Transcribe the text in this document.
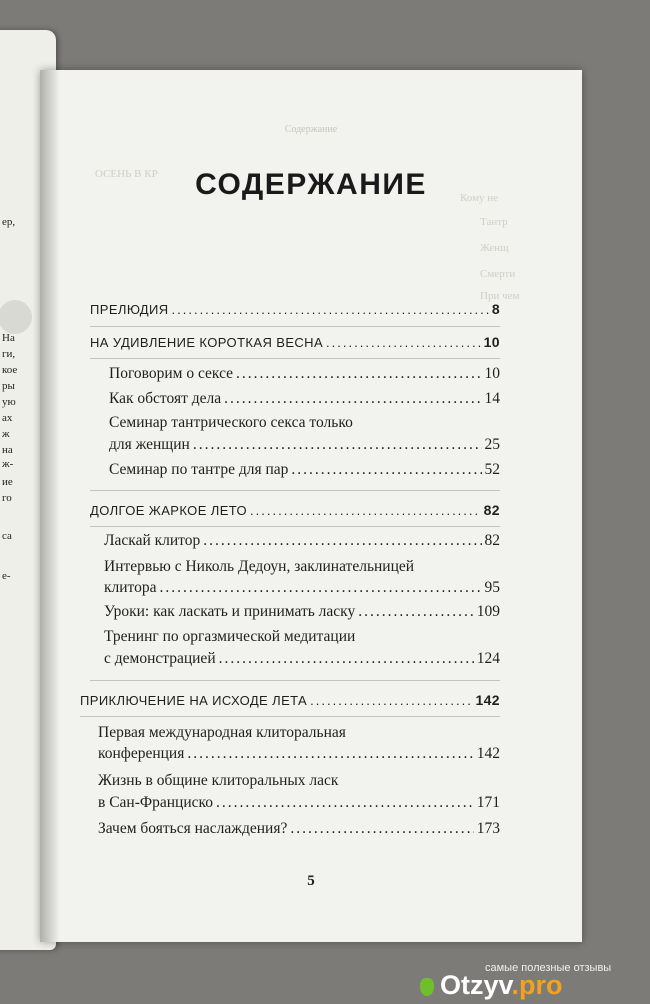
ер,
На
ги,
кое
ры
ую
ах
ж
на
ж-
ие
го
са
е-
Содержание
ОСЕНЬ В КР
Кому не
Тантр
Женщ
Смерти
При чем
СОДЕРЖАНИЕ
ПРЕЛЮДИЯ .....	8
НА УДИВЛЕНИЕ КОРОТКАЯ ВЕСНА .....	10
Поговорим о сексе .....	10
Как обстоят дела .....	14
Семинар тантрического секса только
для женщин .....	25
Семинар по тантре для пар .....	52
ДОЛГОЕ ЖАРКОЕ ЛЕТО .....	82
Ласкай клитор .....	82
Интервью с Николь Дедоун, заклинательницей
клитора .....	95
Уроки: как ласкать и принимать ласку .....	109
Тренинг по оргазмической медитации
с демонстрацией .....	124
ПРИКЛЮЧЕНИЕ НА ИСХОДЕ ЛЕТА .....	142
Первая международная клиторальная
конференция .....	142
Жизнь в общине клиторальных ласк
в Сан-Франциско .....	171
Зачем бояться наслаждения? .....	173
5
самые полезные отзывы
Otzyv.pro
